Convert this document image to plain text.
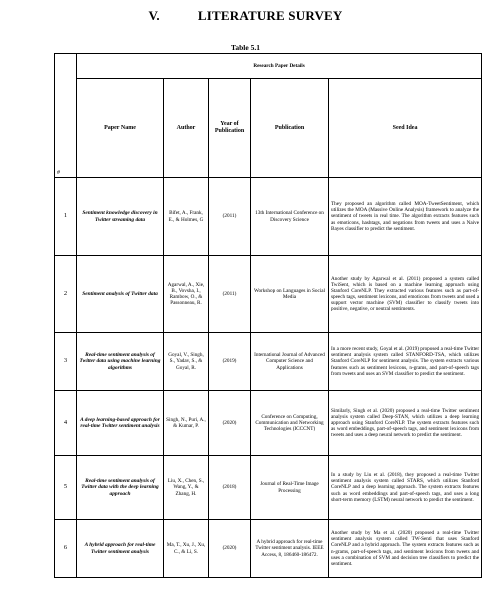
V.	LITERATURE SURVEY
Table 5.1
#	Research Paper Details				
	Paper Name	Author	Year of Publication	Publication	Seed Idea
1	Sentiment knowledge discovery in Twitter streaming data	Bifet, A., Frank, E., & Holmes, G	(2011)	13th International Conference on Discovery Science	They proposed an algorithm called MOA-TweetSentiment, which utilizes the MOA (Massive Online Analysis) framework to analyze the sentiment of tweets in real time. The algorithm extracts features such as emoticons, hashtags, and negations from tweets and uses a Naive Bayes classifier to predict the sentiment.
2	Sentiment analysis of Twitter data	Agarwal, A., Xie, B., Vovsha, I., Rambow, O., & Passonneau, R.	(2011)	Workshop on Languages in Social Media	Another study by Agarwal et al. (2011) proposed a system called TwiSent, which is based on a machine learning approach using Stanford CoreNLP. They extracted various features such as part-of-speech tags, sentiment lexicons, and emoticons from tweets and used a support vector machine (SVM) classifier to classify tweets into positive, negative, or neutral sentiments.
3	Real-time sentiment analysis of Twitter data using machine learning algorithms	Goyal, V., Singh, S., Yadav, S., & Goyal, R.	(2019)	International Journal of Advanced Computer Science and Applications	In a more recent study, Goyal et al. (2019) proposed a real-time Twitter sentiment analysis system called STANFORD-TSA, which utilizes Stanford CoreNLP for sentiment analysis. The system extracts various features such as sentiment lexicons, n-grams, and part-of-speech tags from tweets and uses an SVM classifier to predict the sentiment.
4	A deep learning-based approach for real-time Twitter sentiment analysis	Singh, N., Puri, A., & Kumar, P.	(2020)	Conference on Computing, Communication and Networking Technologies (ICCCNT)	Similarly, Singh et al. (2020) proposed a real-time Twitter sentiment analysis system called Deep-STAN, which utilizes a deep learning approach using Stanford CoreNLP. The system extracts features such as word embeddings, part-of-speech tags, and sentiment lexicons from tweets and uses a deep neural network to predict the sentiment.
5	Real-time sentiment analysis of Twitter data with the deep learning approach	Liu, X., Chen, S., Wang, Y., & Zhang, H.	(2018)	Journal of Real-Time Image Processing	In a study by Liu et al. (2018), they proposed a real-time Twitter sentiment analysis system called STARS, which utilizes Stanford CoreNLP and a deep learning approach. The system extracts features such as word embeddings and part-of-speech tags, and uses a long short-term memory (LSTM) neural network to predict the sentiment.
6	A hybrid approach for real-time Twitter sentiment analysis	Ma, T., Xu, J., Xu, C., & Li, S.	(2020)	A hybrid approach for real-time Twitter sentiment analysis. IEEE Access, 8, 186460-186472.	Another study by Ma et al. (2020) proposed a real-time Twitter sentiment analysis system called TW-Senti that uses Stanford CoreNLP and a hybrid approach. The system extracts features such as n-grams, part-of-speech tags, and sentiment lexicons from tweets and uses a combination of SVM and decision tree classifiers to predict the sentiment.
